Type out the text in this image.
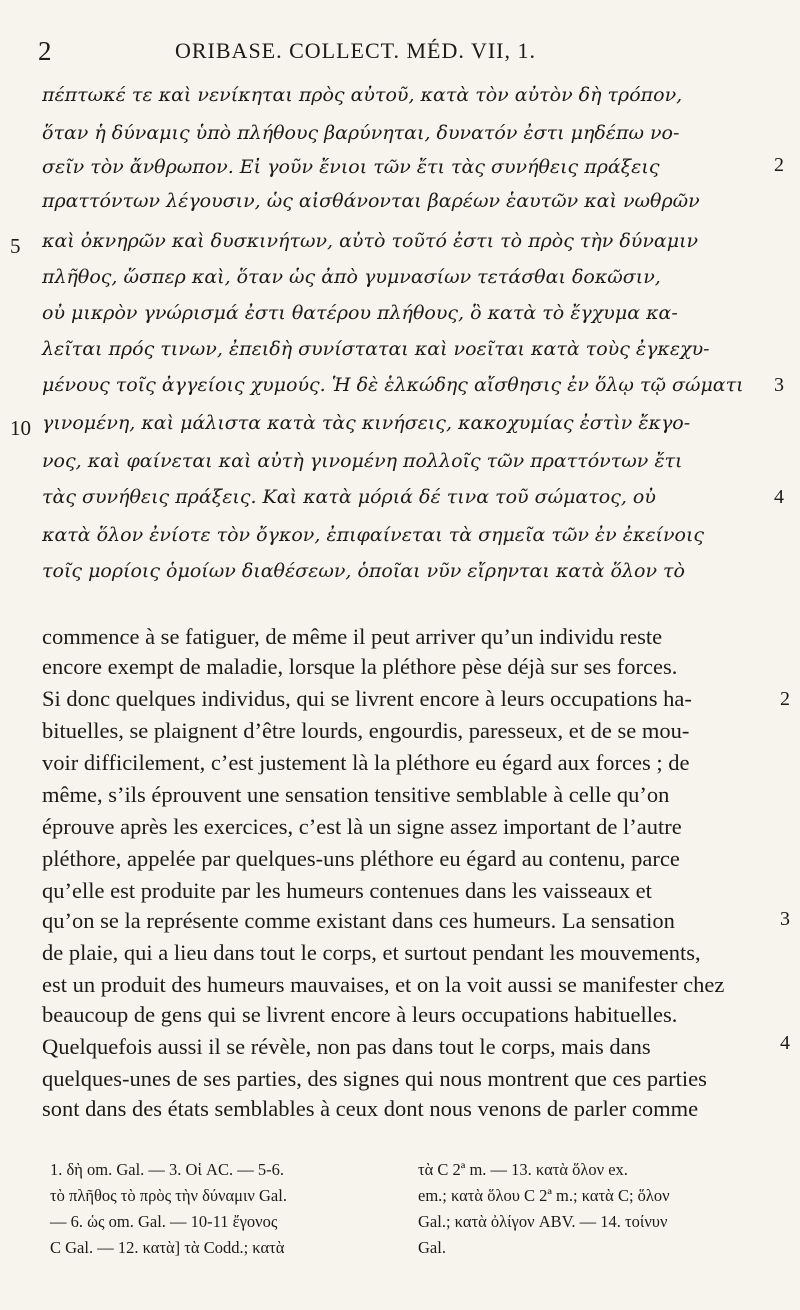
2	ORIBASE. COLLECT. MÉD. VII, 1.
πέπτωκέ τε καὶ νενίκηται πρὸς αὐτοῦ, κατὰ τὸν αὐτὸν δὴ τρόπον,
ὅταν ἡ δύναμις ὑπὸ πλήθους βαρύνηται, δυνατόν ἐστι μηδέπω νο-
σεῖν τὸν ἄνθρωπον. Εἰ γοῦν ἔνιοι τῶν ἔτι τὰς συνήθεις πράξεις
πραττόντων λέγουσιν, ὡς αἰσθάνονται βαρέων ἑαυτῶν καὶ νωθρῶν
καὶ ὀκνηρῶν καὶ δυσκινήτων, αὐτὸ τοῦτό ἐστι τὸ πρὸς τὴν δύναμιν
πλῆθος, ὥσπερ καὶ, ὅταν ὡς ἀπὸ γυμνασίων τετάσθαι δοκῶσιν,
οὐ μικρὸν γνώρισμά ἐστι θατέρου πλήθους, ὃ κατὰ τὸ ἔγχυμα κα-
λεῖται πρός τινων, ἐπειδὴ συνίσταται καὶ νοεῖται κατὰ τοὺς ἐγκεχυ-
μένους τοῖς ἀγγείοις χυμούς. Ἡ δὲ ἑλκώδης αἴσθησις ἐν ὅλῳ τῷ σώματι
γινομένη, καὶ μάλιστα κατὰ τὰς κινήσεις, κακοχυμίας ἐστὶν ἔκγο-
νος, καὶ φαίνεται καὶ αὐτὴ γινομένη πολλοῖς τῶν πραττόντων ἔτι
τὰς συνήθεις πράξεις. Καὶ κατὰ μόριά δέ τινα τοῦ σώματος, οὐ
κατὰ ὅλον ἐνίοτε τὸν ὄγκον, ἐπιφαίνεται τὰ σημεῖα τῶν ἐν ἐκείνοις
τοῖς μορίοις ὁμοίων διαθέσεων, ὁποῖαι νῦν εἴρηνται κατὰ ὅλον τὸ
5
10
2
3
4
commence à se fatiguer, de même il peut arriver qu’un individu reste
encore exempt de maladie, lorsque la pléthore pèse déjà sur ses forces.
Si donc quelques individus, qui se livrent encore à leurs occupations ha-
bituelles, se plaignent d’être lourds, engourdis, paresseux, et de se mou-
voir difficilement, c’est justement là la pléthore eu égard aux forces ; de
même, s’ils éprouvent une sensation tensitive semblable à celle qu’on
éprouve après les exercices, c’est là un signe assez important de l’autre
pléthore, appelée par quelques-uns pléthore eu égard au contenu, parce
qu’elle est produite par les humeurs contenues dans les vaisseaux et
qu’on se la représente comme existant dans ces humeurs. La sensation
de plaie, qui a lieu dans tout le corps, et surtout pendant les mouvements,
est un produit des humeurs mauvaises, et on la voit aussi se manifester chez
beaucoup de gens qui se livrent encore à leurs occupations habituelles.
Quelquefois aussi il se révèle, non pas dans tout le corps, mais dans
quelques-unes de ses parties, des signes qui nous montrent que ces parties
sont dans des états semblables à ceux dont nous venons de parler comme
2
3
4
1. δὴ om. Gal. — 3. Οἱ AC. — 5-6.
τὸ πλῆθος τὸ πρὸς τὴν δύναμιν Gal.
— 6. ὡς om. Gal. — 10-11 ἔγονος
C Gal. — 12. κατὰ] τὰ Codd.; κατὰ
τὰ C 2ª m. — 13. κατὰ ὅλον ex.
em.; κατὰ ὅλου C 2ª m.; κατὰ C; ὅλον
Gal.; κατὰ ὀλίγον ABV. — 14. τοίνυν
Gal.
